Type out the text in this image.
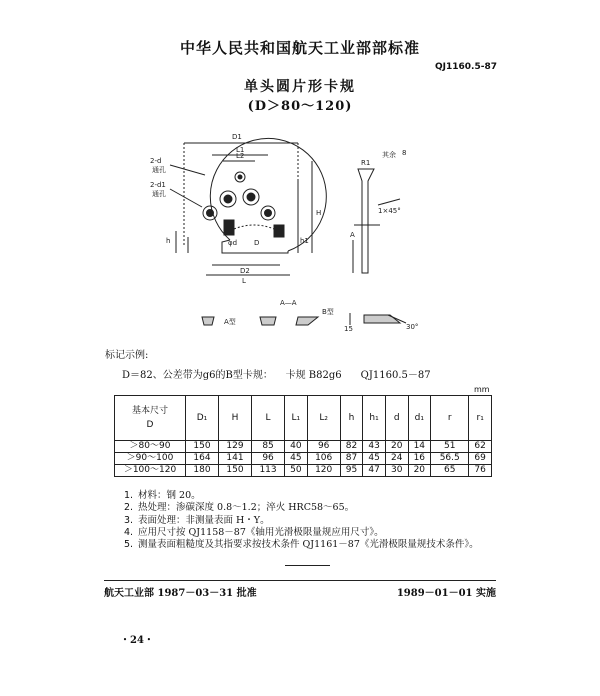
中华人民共和国航天工业部部标准
QJ1160.5-87
单头圆片形卡规
(D＞80～120)
D1
L1
L2
H
h1
h
D2
L
φd D
2-d
通孔
2-d1
通孔
R1
其余 8
1×45°
A
A—A
A型
B型
30°
15
标记示例:
D＝82、公差带为g6的B型卡规：    卡规 B82g6      QJ1160.5－87
mm
基本尺寸
D	D₁	H	L	L₁	L₂	h	h₁	d	d₁	r	r₁
＞80～90	150	129	85	40	96	82	43	20	14	51	62
＞90～100	164	141	96	45	106	87	45	24	16	56.5	69
＞100～120	180	150	113	50	120	95	47	30	20	65	76
1. 材料：钢 20。
2. 热处理：渗碳深度 0.8～1.2；淬火 HRC58～65。
3. 表面处理：非测量表面 H・Y。
4. 应用尺寸按 QJ1158－87《轴用光滑极限量规应用尺寸》。
5. 测量表面粗糙度及其指要求按技术条件 QJ1161－87《光滑极限量规技术条件》。
航天工业部 1987－03－31 批准	1989－01－01 实施
・24・
